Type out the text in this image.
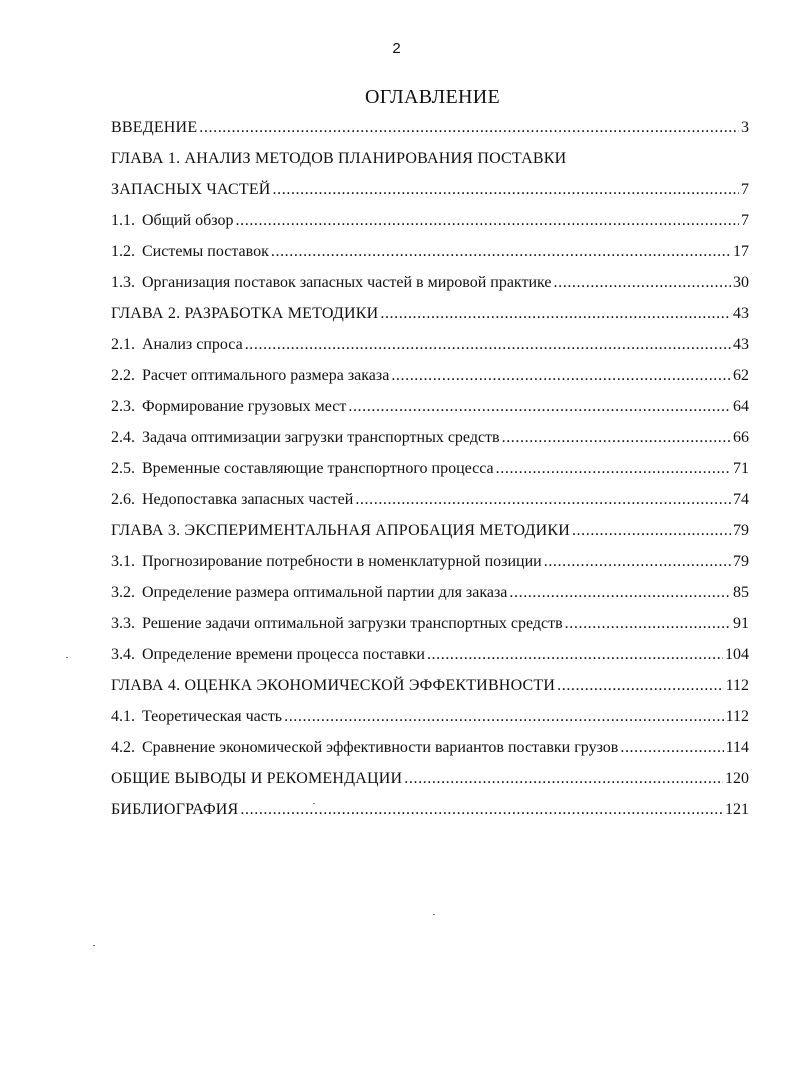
2
ОГЛАВЛЕНИЕ
ВВЕДЕНИЕ .....	3
ГЛАВА 1. АНАЛИЗ МЕТОДОВ ПЛАНИРОВАНИЯ ПОСТАВКИ
ЗАПАСНЫХ ЧАСТЕЙ .....	7
1.1. Общий обзор .....	7
1.2. Системы поставок .....	17
1.3. Организация поставок запасных частей в мировой практике .....	30
ГЛАВА 2. РАЗРАБОТКА МЕТОДИКИ .....	43
2.1. Анализ спроса .....	43
2.2. Расчет оптимального размера заказа .....	62
2.3. Формирование грузовых мест .....	64
2.4. Задача оптимизации загрузки транспортных средств .....	66
2.5. Временные составляющие транспортного процесса .....	71
2.6. Недопоставка запасных частей .....	74
ГЛАВА 3. ЭКСПЕРИМЕНТАЛЬНАЯ АПРОБАЦИЯ МЕТОДИКИ .....	79
3.1. Прогнозирование потребности в номенклатурной позиции .....	79
3.2. Определение размера оптимальной партии для заказа .....	85
3.3. Решение задачи оптимальной загрузки транспортных средств .....	91
3.4. Определение времени процесса поставки .....	104
ГЛАВА 4. ОЦЕНКА ЭКОНОМИЧЕСКОЙ ЭФФЕКТИВНОСТИ .....	112
4.1. Теоретическая часть .....	112
4.2. Сравнение экономической эффективности вариантов поставки грузов .....	114
ОБЩИЕ ВЫВОДЫ И РЕКОМЕНДАЦИИ .....	120
БИБЛИОГРАФИЯ .....	121
